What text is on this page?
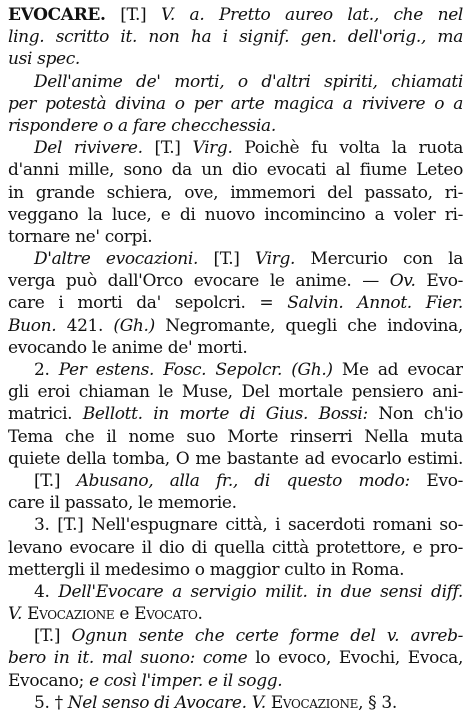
EVOCARE. [T.] V. a. Pretto aureo lat., che nel
ling. scritto it. non ha i signif. gen. dell'orig., ma
usi spec.
Dell'anime de' morti, o d'altri spiriti, chiamati
per potestà divina o per arte magica a rivivere o a
rispondere o a fare checchessia.
Del rivivere. [T.] Virg. Poichè fu volta la ruota
d'anni mille, sono da un dio evocati al fiume Leteo
in grande schiera, ove, immemori del passato, ri-
veggano la luce, e di nuovo incomincino a voler ri-
tornare ne' corpi.
D'altre evocazioni. [T.] Virg. Mercurio con la
verga può dall'Orco evocare le anime. — Ov. Evo-
care i morti da' sepolcri. = Salvin. Annot. Fier.
Buon. 421. (Gh.) Negromante, quegli che indovina,
evocando le anime de' morti.
2. Per estens. Fosc. Sepolcr. (Gh.) Me ad evocar
gli eroi chiaman le Muse, Del mortale pensiero ani-
matrici. Bellott. in morte di Gius. Bossi: Non ch'io
Tema che il nome suo Morte rinserri Nella muta
quiete della tomba, O me bastante ad evocarlo estimi.
[T.] Abusano, alla fr., di questo modo: Evo-
care il passato, le memorie.
3. [T.] Nell'espugnare città, i sacerdoti romani so-
levano evocare il dio di quella città protettore, e pro-
mettergli il medesimo o maggior culto in Roma.
4. Dell'Evocare a servigio milit. in due sensi diff.
V. Evocazione e Evocato.
[T.] Ognun sente che certe forme del v. avreb-
bero in it. mal suono: come lo evoco, Evochi, Evoca,
Evocano; e così l'imper. e il sogg.
5. † Nel senso di Avocare. V. Evocazione, § 3.
